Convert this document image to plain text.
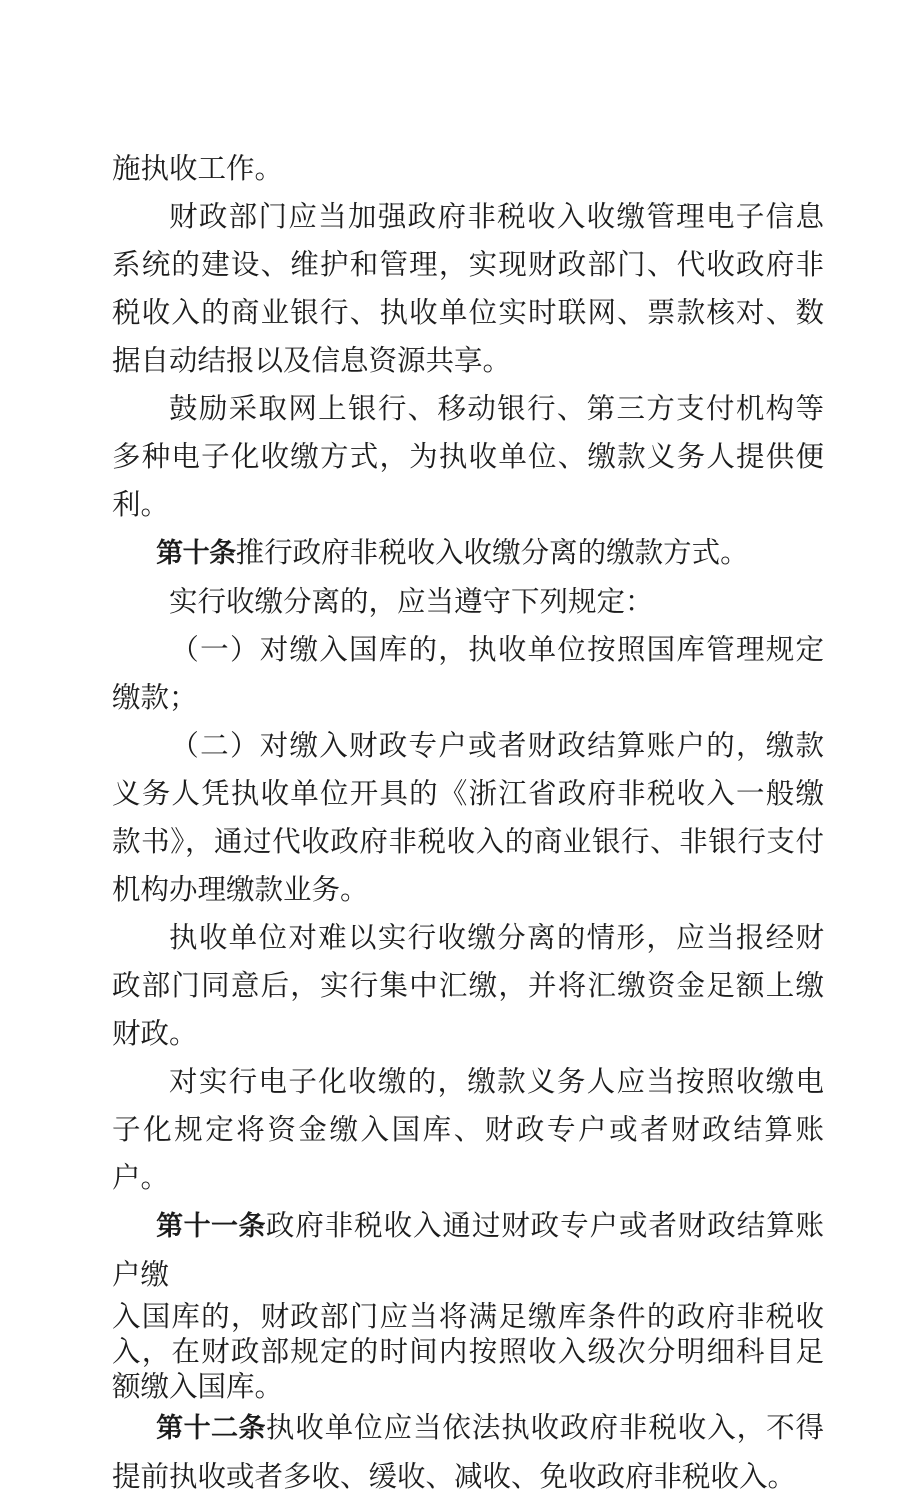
施执收工作。

财政部门应当加强政府非税收入收缴管理电子信息系统的建设、维护和管理，实现财政部门、代收政府非税收入的商业银行、执收单位实时联网、票款核对、数据自动结报以及信息资源共享。

鼓励采取网上银行、移动银行、第三方支付机构等多种电子化收缴方式，为执收单位、缴款义务人提供便利。

第十条推行政府非税收入收缴分离的缴款方式。

实行收缴分离的，应当遵守下列规定：

（一）对缴入国库的，执收单位按照国库管理规定缴款；

（二）对缴入财政专户或者财政结算账户的，缴款义务人凭执收单位开具的《浙江省政府非税收入一般缴款书》，通过代收政府非税收入的商业银行、非银行支付机构办理缴款业务。

执收单位对难以实行收缴分离的情形，应当报经财政部门同意后，实行集中汇缴，并将汇缴资金足额上缴财政。

对实行电子化收缴的，缴款义务人应当按照收缴电子化规定将资金缴入国库、财政专户或者财政结算账户。

第十一条政府非税收入通过财政专户或者财政结算账户缴
入国库的，财政部门应当将满足缴库条件的政府非税收入，在财政部规定的时间内按照收入级次分明细科目足额缴入国库。

第十二条执收单位应当依法执收政府非税收入，不得提前执收或者多收、缓收、减收、免收政府非税收入。
